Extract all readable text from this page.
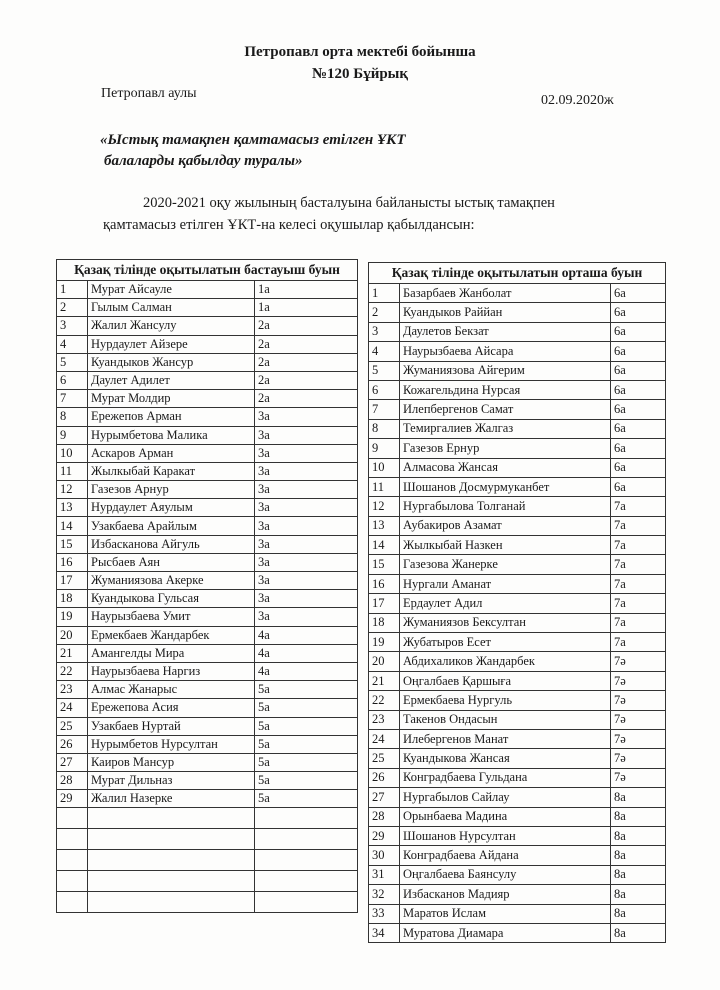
Петропавл орта мектебі бойынша
№120 Бұйрық
Петропавл аулы	02.09.2020ж
«Ыстық тамақпен қамтамасыз етілген ҰКТ
балаларды қабылдау туралы»
2020-2021 оқу жылының басталуына байланысты ыстық тамақпен
қамтамасыз етілген ҰКТ-на келесі оқушылар қабылдансын:
Қазақ тілінде оқытылатын бастауыш буын		
1	Мурат Айсауле	1а
2	Гылым Салман	1а
3	Жалил Жансулу	2а
4	Нурдаулет Айзере	2а
5	Куандыков Жансур	2а
6	Даулет Адилет	2а
7	Мурат Молдир	2а
8	Ережепов Арман	3а
9	Нурымбетова Малика	3а
10	Аскаров Арман	3а
11	Жылкыбай Каракат	3а
12	Газезов Арнур	3а
13	Нурдаулет Аяулым	3а
14	Узакбаева Арайлым	3а
15	Избасканова Айгуль	3а
16	Рысбаев Аян	3а
17	Жуманиязова Акерке	3а
18	Куандыкова Гульсая	3а
19	Наурызбаева Умит	3а
20	Ермекбаев Жандарбек	4а
21	Амангелды Мира	4а
22	Наурызбаева Наргиз	4а
23	Алмас Жанарыс	5а
24	Ережепова Асия	5а
25	Узакбаев Нуртай	5а
26	Нурымбетов Нурсултан	5а
27	Каиров Мансур	5а
28	Мурат Дильназ	5а
29	Жалил Назерке	5а

Қазақ тілінде оқытылатын орташа буын		
1	Базарбаев Жанболат	6а
2	Куандыков Раййан	6а
3	Даулетов Бекзат	6а
4	Наурызбаева Айсара	6а
5	Жуманиязова Айгерим	6а
6	Кожагельдина Нурсая	6а
7	Илепбергенов Самат	6а
8	Темиргалиев Жалгаз	6а
9	Газезов Ернур	6а
10	Алмасова Жансая	6а
11	Шошанов Досмурмуканбет	6а
12	Нургабылова Толганай	7а
13	Аубакиров Азамат	7а
14	Жылкыбай Назкен	7а
15	Газезова Жанерке	7а
16	Нургали Аманат	7а
17	Ердаулет Адил	7а
18	Жуманиязов Бексултан	7а
19	Жубатыров Есет	7а
20	Абдихаликов Жандарбек	7ә
21	Оңгалбаев Қаршыға	7ә
22	Ермекбаева Нургуль	7ә
23	Такенов Ондасын	7ә
24	Илебергенов Манат	7ә
25	Куандыкова Жансая	7ә
26	Конградбаева Гульдана	7ә
27	Нургабылов Сайлау	8а
28	Орынбаева Мадина	8а
29	Шошанов Нурсултан	8а
30	Конградбаева Айдана	8а
31	Оңгалбаева Баянсулу	8а
32	Избасканов Мадияр	8а
33	Маратов Ислам	8а
34	Муратова Диамара	8а
